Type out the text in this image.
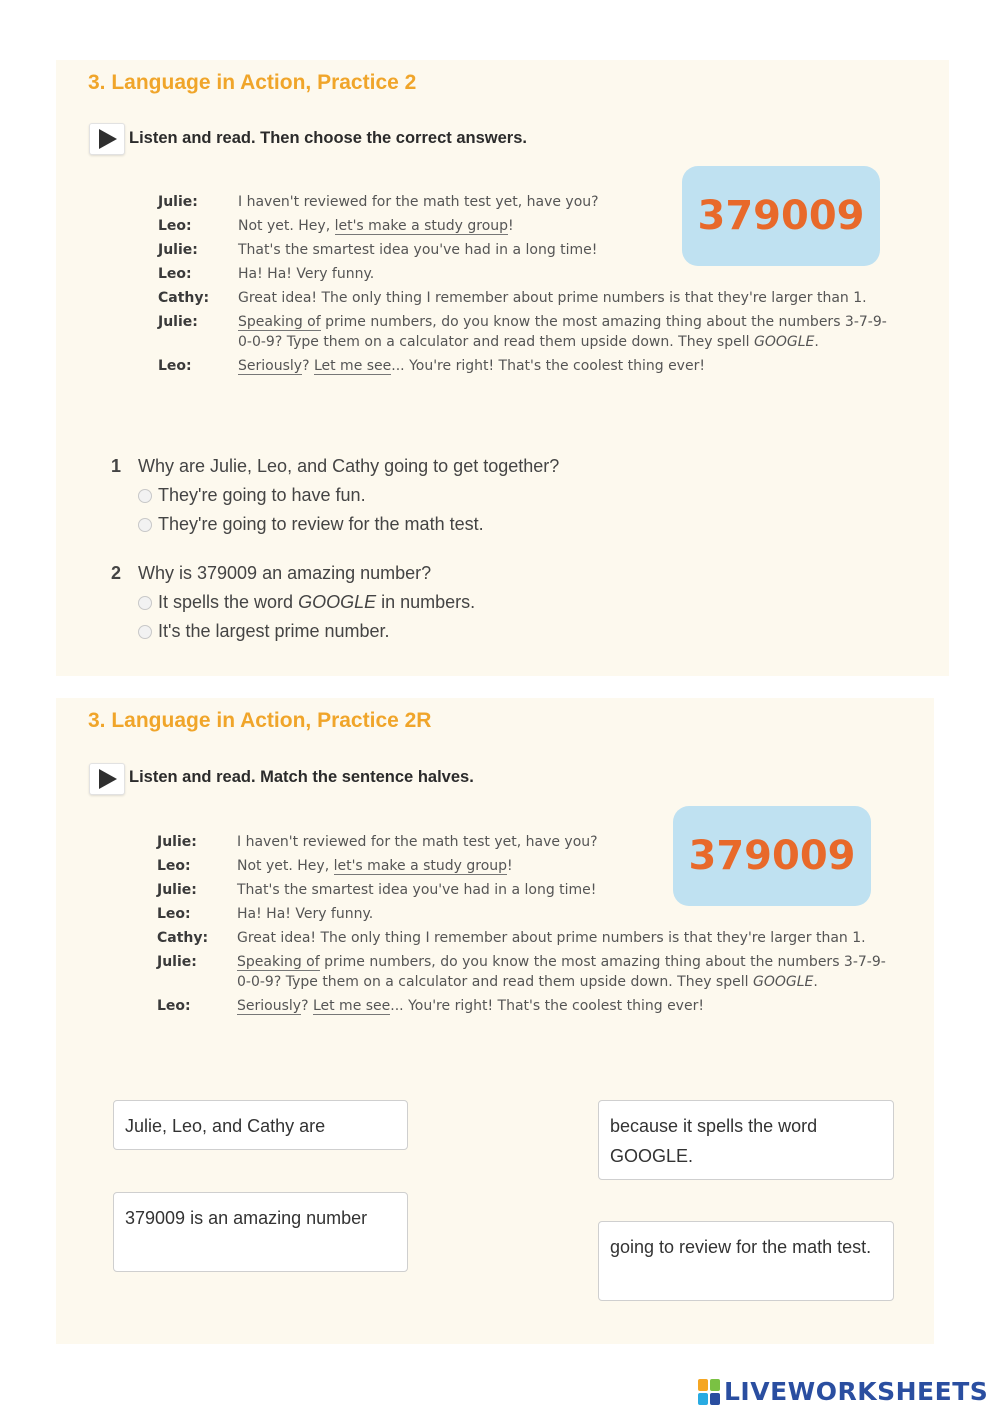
3. Language in Action, Practice 2
Listen and read. Then choose the correct answers.
Julie:	I haven't reviewed for the math test yet, have you?
Leo:	Not yet. Hey, let's make a study group!
Julie:	That's the smartest idea you've had in a long time!
Leo:	Ha! Ha! Very funny.
Cathy:	Great idea! The only thing I remember about prime numbers is that they're larger than 1.
Julie:	Speaking of prime numbers, do you know the most amazing thing about the numbers 3-7-9-0-0-9? Type them on a calculator and read them upside down. They spell GOOGLE.
Leo:	Seriously? Let me see... You're right! That's the coolest thing ever!
379009
1 Why are Julie, Leo, and Cathy going to get together?
They're going to have fun.
They're going to review for the math test.
2 Why is 379009 an amazing number?
It spells the word GOOGLE in numbers.
It's the largest prime number.
3. Language in Action, Practice 2R
Listen and read. Match the sentence halves.
Julie:	I haven't reviewed for the math test yet, have you?
Leo:	Not yet. Hey, let's make a study group!
Julie:	That's the smartest idea you've had in a long time!
Leo:	Ha! Ha! Very funny.
Cathy:	Great idea! The only thing I remember about prime numbers is that they're larger than 1.
Julie:	Speaking of prime numbers, do you know the most amazing thing about the numbers 3-7-9-0-0-9? Type them on a calculator and read them upside down. They spell GOOGLE.
Leo:	Seriously? Let me see... You're right! That's the coolest thing ever!
379009
Julie, Leo, and Cathy are
379009 is an amazing number
because it spells the word GOOGLE.
going to review for the math test.
LIVEWORKSHEETS
